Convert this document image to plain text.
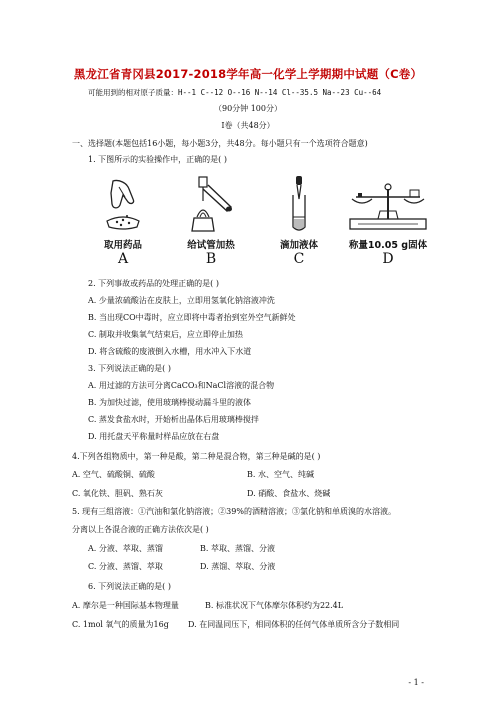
黑龙江省青冈县2017-2018学年高一化学上学期期中试题（C卷）
可能用到的相对原子质量：H--1 C--12 O--16 N--14 Cl--35.5 Na--23 Cu--64
（90分钟 100分）
Ⅰ卷（共48分）
一、选择题(本题包括16小题，每小题3分，共48分。每小题只有一个选项符合题意)
1. 下图所示的实验操作中，正确的是( )
取用药品
A
给试管加热
B
滴加液体
C
称量10.05 g固体
D
2. 下列事故或药品的处理正确的是( )
A. 少量浓硫酸沾在皮肤上，立即用氢氧化钠溶液冲洗
B. 当出现CO中毒时，应立即将中毒者抬到室外空气新鲜处
C. 制取并收集氧气结束后，应立即停止加热
D. 将含硫酸的废液倒入水槽，用水冲入下水道
3. 下列说法正确的是( )
A. 用过滤的方法可分离CaCO₃和NaCl溶液的混合物
B. 为加快过滤，使用玻璃棒搅动漏斗里的液体
C. 蒸发食盐水时，开始析出晶体后用玻璃棒搅拌
D. 用托盘天平称量时样品应放在右盘
4.下列各组物质中，第一种是酸，第二种是混合物，第三种是碱的是( )
A. 空气、硫酸铜、硫酸	B. 水、空气、纯碱
C. 氧化铁、胆矾、熟石灰	D. 硝酸、食盐水、烧碱
5. 现有三组溶液：①汽油和氯化钠溶液；②39%的酒精溶液；③氯化钠和单质溴的水溶液。
分离以上各混合液的正确方法依次是( )
A. 分液、萃取、蒸馏	B. 萃取、蒸馏、分液
C. 分液、蒸馏、萃取	D. 蒸馏、萃取、分液
6. 下列说法正确的是( )
A. 摩尔是一种国际基本物理量	B. 标准状况下气体摩尔体积约为22.4L
C. 1mol 氧气的质量为16g D. 在同温同压下，相同体积的任何气体单质所含分子数相同
- 1 -
